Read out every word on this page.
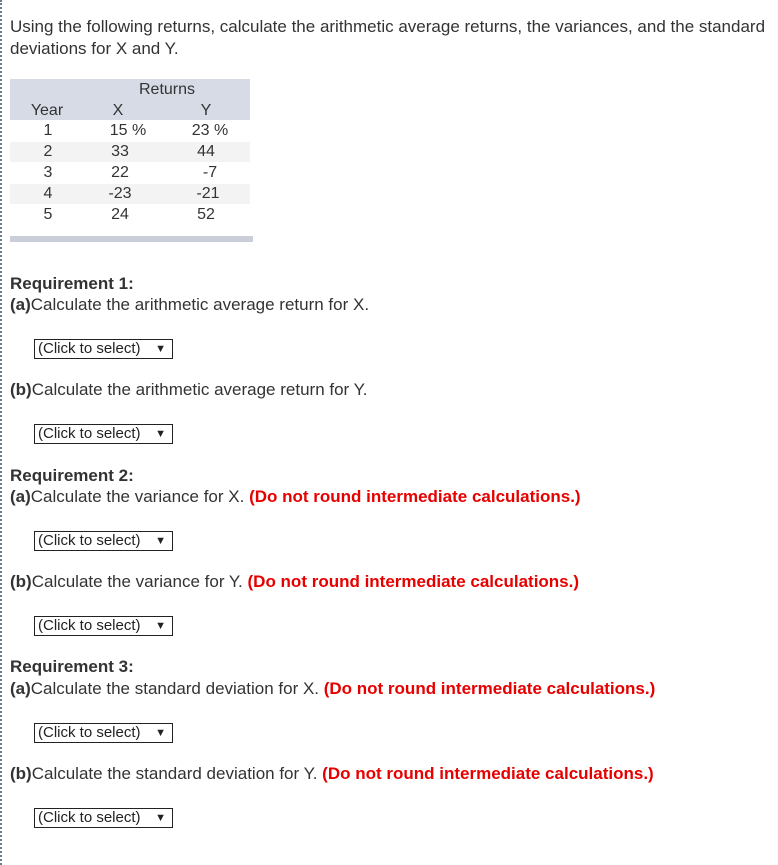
Using the following returns, calculate the arithmetic average returns, the variances, and the standard deviations for X and Y.
Returns
Year	X	Y
1	15 %	23 %
2	33	44
3	22	-7
4	-23	-21
5	24	52
Requirement 1:
(a)Calculate the arithmetic average return for X.
(Click to select) ▼
(b)Calculate the arithmetic average return for Y.
(Click to select) ▼
Requirement 2:
(a)Calculate the variance for X. (Do not round intermediate calculations.)
(Click to select) ▼
(b)Calculate the variance for Y. (Do not round intermediate calculations.)
(Click to select) ▼
Requirement 3:
(a)Calculate the standard deviation for X. (Do not round intermediate calculations.)
(Click to select) ▼
(b)Calculate the standard deviation for Y. (Do not round intermediate calculations.)
(Click to select) ▼
